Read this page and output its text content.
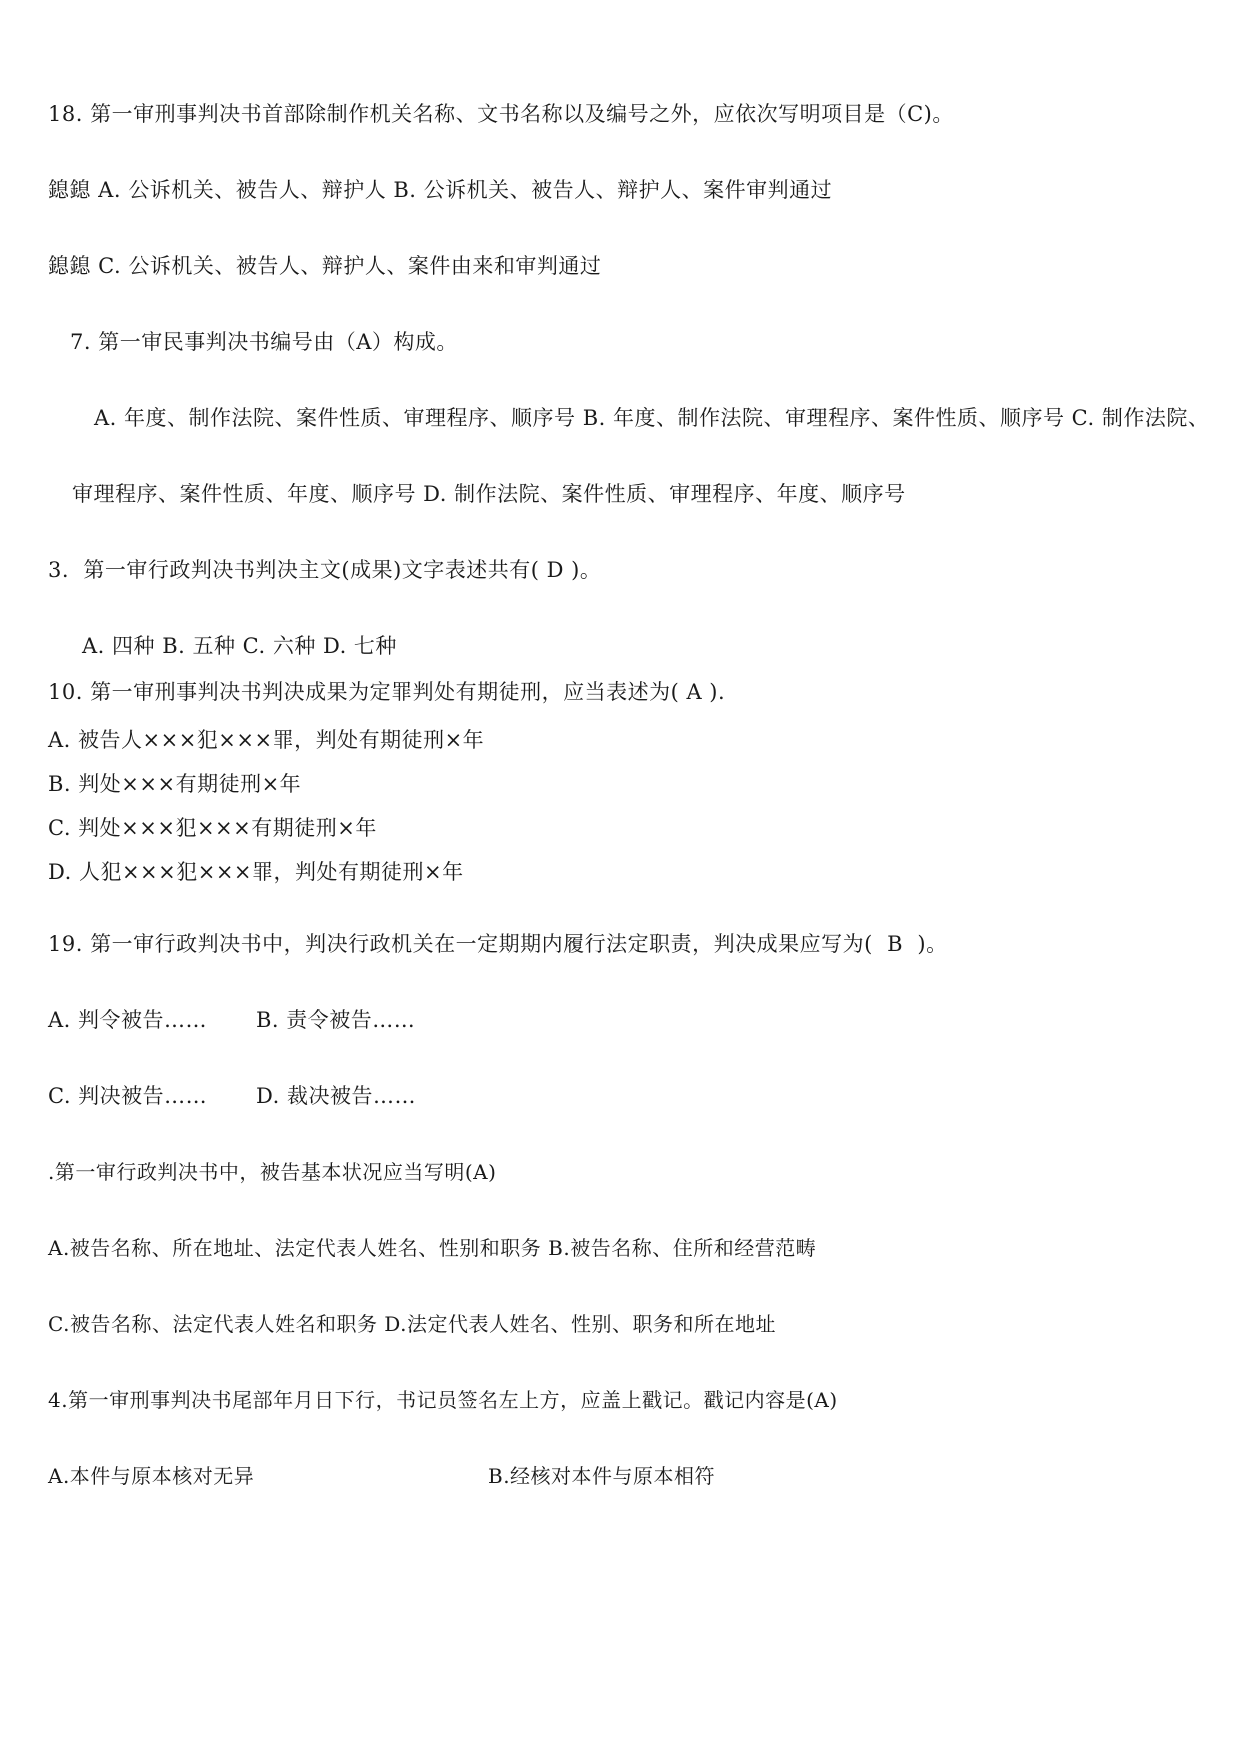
18. 第一审刑事判决书首部除制作机关名称、文书名称以及编号之外，应依次写明项目是（C)。
鎴鎴 A. 公诉机关、被告人、辩护人 B. 公诉机关、被告人、辩护人、案件审判通过
鎴鎴 C. 公诉机关、被告人、辩护人、案件由来和审判通过
7. 第一审民事判决书编号由（A）构成。
A. 年度、制作法院、案件性质、审理程序、顺序号 B. 年度、制作法院、审理程序、案件性质、顺序号 C. 制作法院、
审理程序、案件性质、年度、顺序号 D. 制作法院、案件性质、审理程序、年度、顺序号
3.  第一审行政判决书判决主文(成果)文字表述共有( D )。
A. 四种 B. 五种 C. 六种 D. 七种
10. 第一审刑事判决书判决成果为定罪判处有期徒刑，应当表述为( A ).
A. 被告人×××犯×××罪，判处有期徒刑×年
B. 判处×××有期徒刑×年
C. 判处×××犯×××有期徒刑×年
D. 人犯×××犯×××罪，判处有期徒刑×年
19. 第一审行政判决书中，判决行政机关在一定期期内履行法定职责，判决成果应写为(  B  )。
A. 判令被告…… B. 责令被告……
C. 判决被告…… D. 裁决被告……
.第一审行政判决书中，被告基本状况应当写明(A)
A.被告名称、所在地址、法定代表人姓名、性别和职务 B.被告名称、住所和经营范畴
C.被告名称、法定代表人姓名和职务 D.法定代表人姓名、性别、职务和所在地址
4.第一审刑事判决书尾部年月日下行，书记员签名左上方，应盖上戳记。戳记内容是(A)
A.本件与原本核对无异	B.经核对本件与原本相符
